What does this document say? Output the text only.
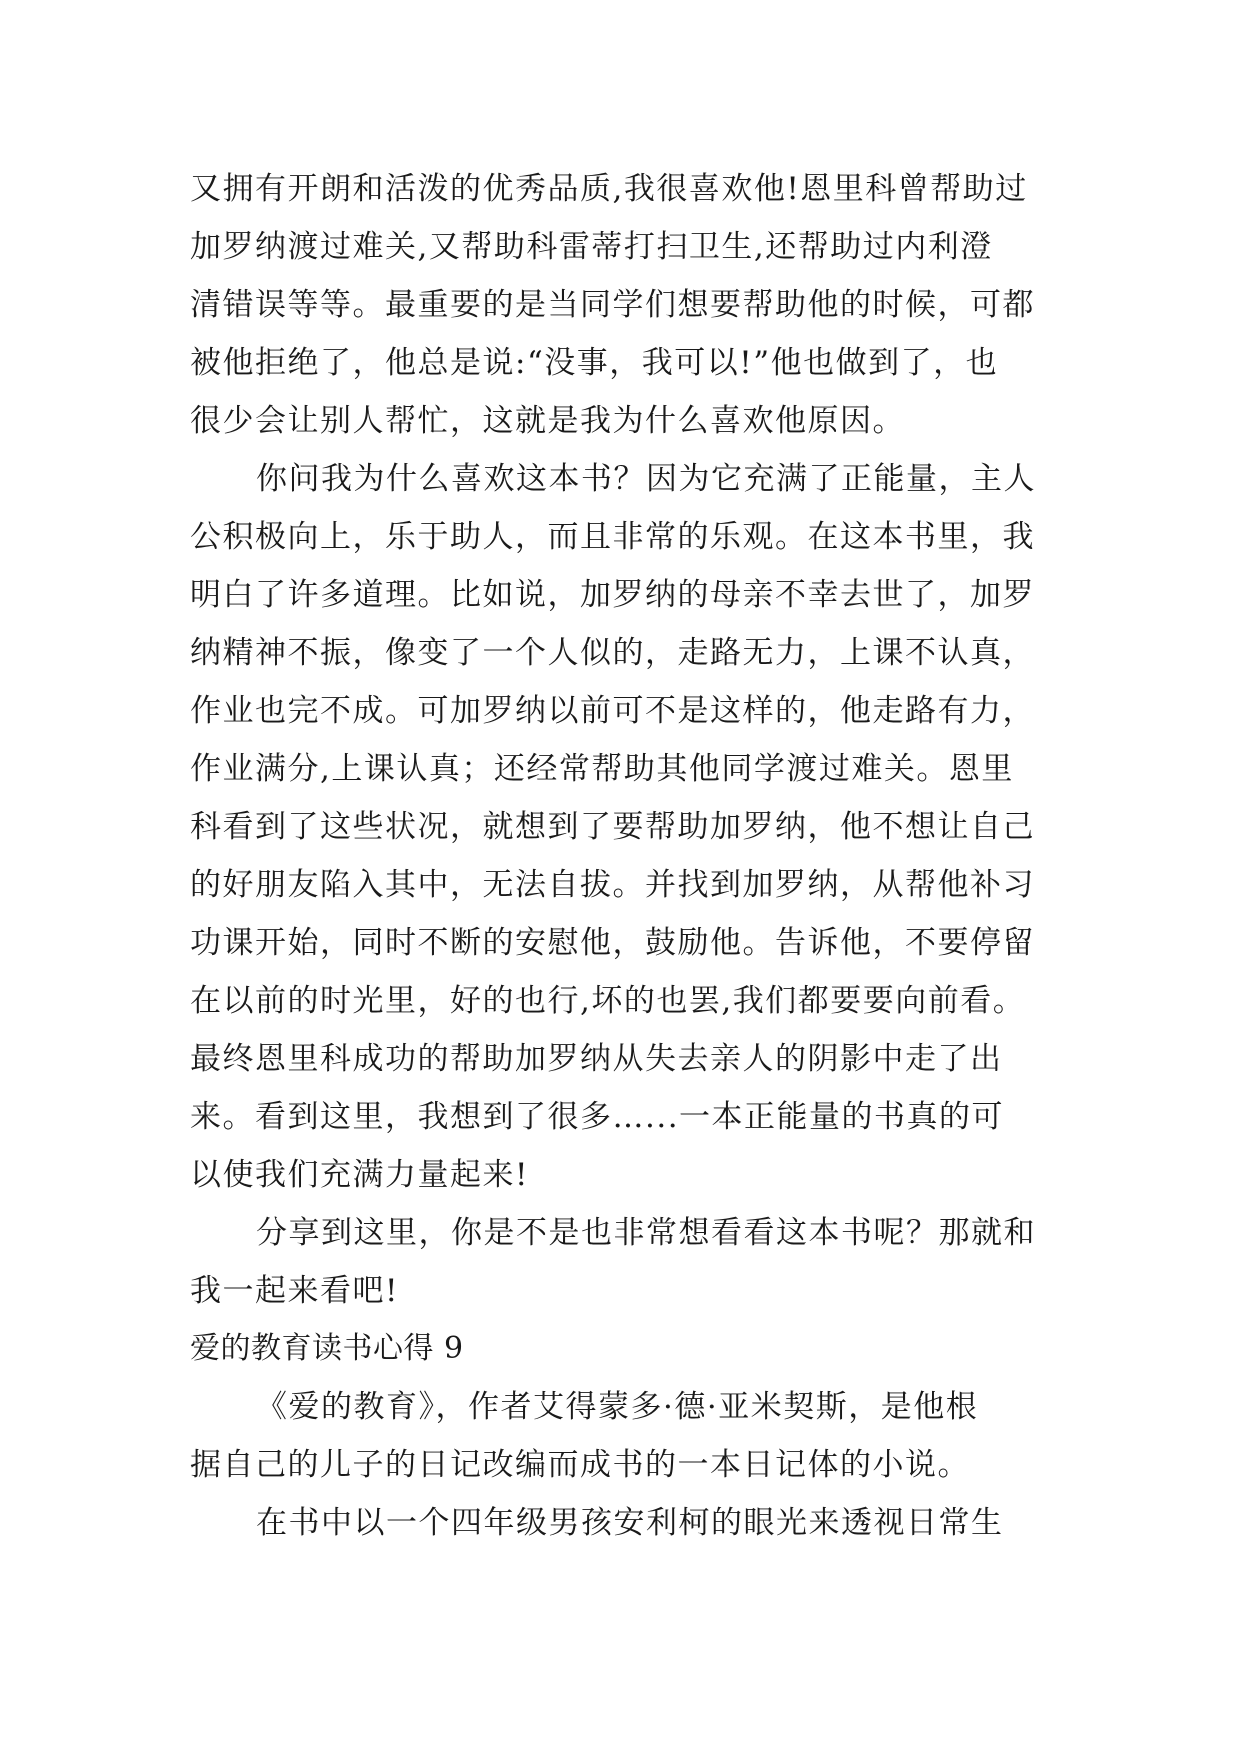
又拥有开朗和活泼的优秀品质,我很喜欢他!恩里科曾帮助过
加罗纳渡过难关,又帮助科雷蒂打扫卫生,还帮助过内利澄
清错误等等。最重要的是当同学们想要帮助他的时候，可都
被他拒绝了，他总是说:“没事，我可以!”他也做到了，也
很少会让别人帮忙，这就是我为什么喜欢他原因。
你问我为什么喜欢这本书？因为它充满了正能量，主人
公积极向上，乐于助人，而且非常的乐观。在这本书里，我
明白了许多道理。比如说，加罗纳的母亲不幸去世了，加罗
纳精神不振，像变了一个人似的，走路无力，上课不认真，
作业也完不成。可加罗纳以前可不是这样的，他走路有力，
作业满分,上课认真；还经常帮助其他同学渡过难关。恩里
科看到了这些状况，就想到了要帮助加罗纳，他不想让自己
的好朋友陷入其中，无法自拔。并找到加罗纳，从帮他补习
功课开始，同时不断的安慰他，鼓励他。告诉他，不要停留
在以前的时光里，好的也行,坏的也罢,我们都要要向前看。
最终恩里科成功的帮助加罗纳从失去亲人的阴影中走了出
来。看到这里，我想到了很多…...一本正能量的书真的可
以使我们充满力量起来!
分享到这里，你是不是也非常想看看这本书呢？那就和
我一起来看吧!
爱的教育读书心得 9
《爱的教育》，作者艾得蒙多·德·亚米契斯，是他根
据自己的儿子的日记改编而成书的一本日记体的小说。
在书中以一个四年级男孩安利柯的眼光来透视日常生
